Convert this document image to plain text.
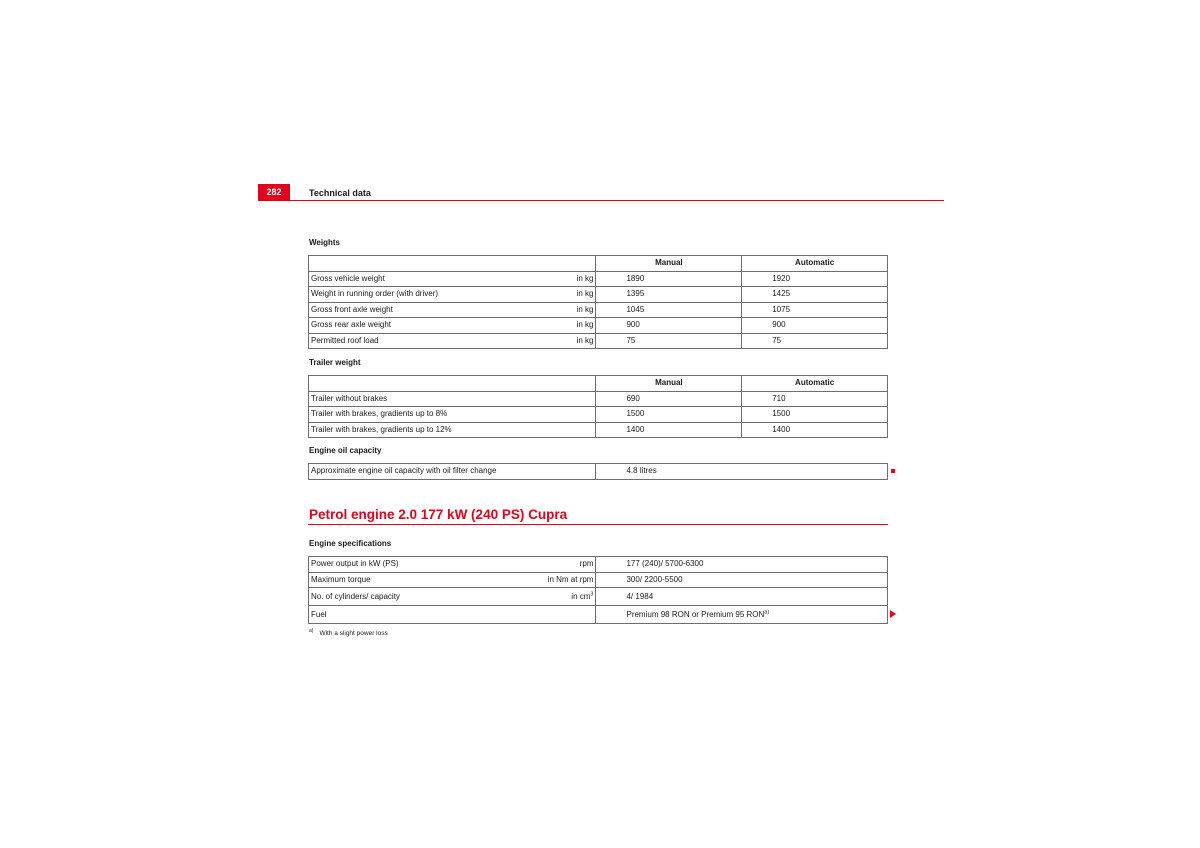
282	Technical data
Weights
	Manual	Automatic

Gross vehicle weight in kg	1890	1920

Weight in running order (with driver) in kg	1395	1425

Gross front axle weight in kg	1045	1075

Gross rear axle weight in kg	900	900

Permitted roof load in kg	75	75
Trailer weight
	Manual	Automatic
Trailer without brakes	690	710
Trailer with brakes, gradients up to 8%	1500	1500
Trailer with brakes, gradients up to 12%	1400	1400
Engine oil capacity
Approximate engine oil capacity with oil filter change	4.8 litres
Petrol engine 2.0 177 kW (240 PS) Cupra
Engine specifications
Power output in kW (PS) rpm	177 (240)/ 5700-6300

Maximum torque in Nm at rpm	300/ 2200-5500

No. of cylinders/ capacity in $cm^3$	4/ 1984
Fuel	Premium 98 RON or Premium 95 RON$^{a)}$
$^{a)}$ With a slight power loss
